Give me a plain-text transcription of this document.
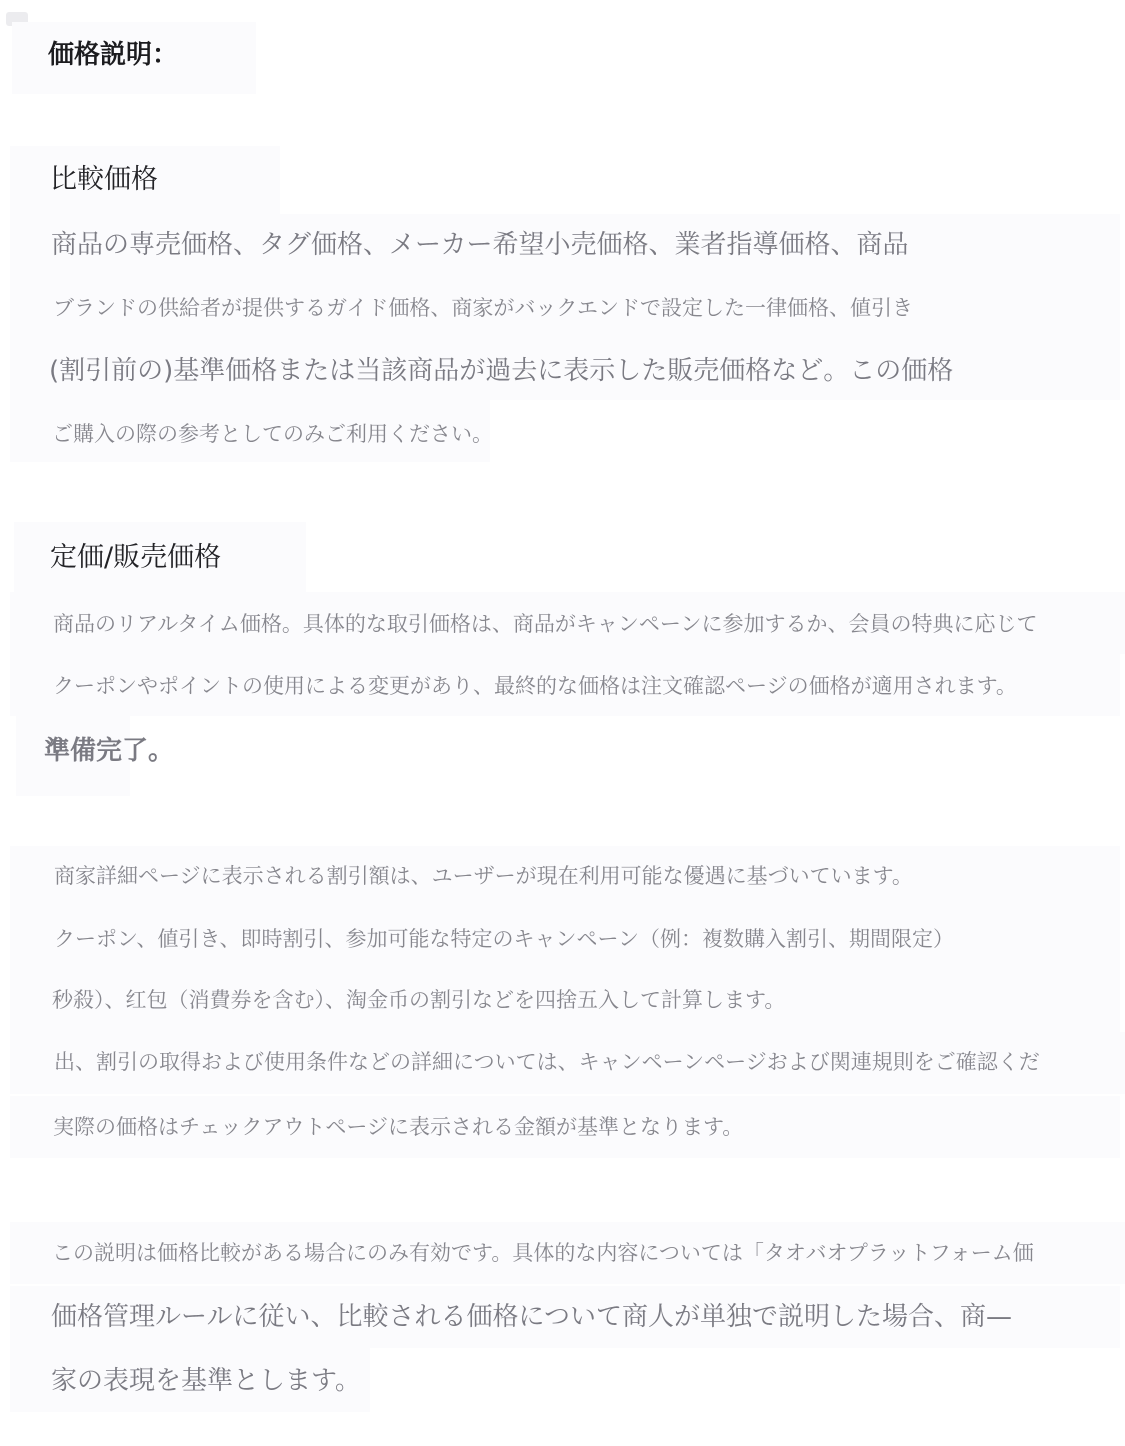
価格説明：
比較価格
商品の専売価格、タグ価格、メーカー希望小売価格、業者指導価格、商品
ブランドの供給者が提供するガイド価格、商家がバックエンドで設定した一律価格、値引き
(割引前の)基準価格または当該商品が過去に表示した販売価格など。この価格
ご購入の際の参考としてのみご利用ください。
定価/販売価格
商品のリアルタイム価格。具体的な取引価格は、商品がキャンペーンに参加するか、会員の特典に応じて
クーポンやポイントの使用による変更があり、最終的な価格は注文確認ページの価格が適用されます。
準備完了。
商家詳細ページに表示される割引額は、ユーザーが現在利用可能な優遇に基づいています。
クーポン、値引き、即時割引、参加可能な特定のキャンペーン（例：複数購入割引、期間限定）
秒殺）、红包（消費券を含む）、淘金币の割引などを四捨五入して計算します。
出、割引の取得および使用条件などの詳細については、キャンペーンページおよび関連規則をご確認くだ
実際の価格はチェックアウトページに表示される金額が基準となります。
この説明は価格比較がある場合にのみ有効です。具体的な内容については「タオバオプラットフォーム価
価格管理ルールに従い、比較される価格について商人が単独で説明した場合、商—
家の表現を基準とします。
